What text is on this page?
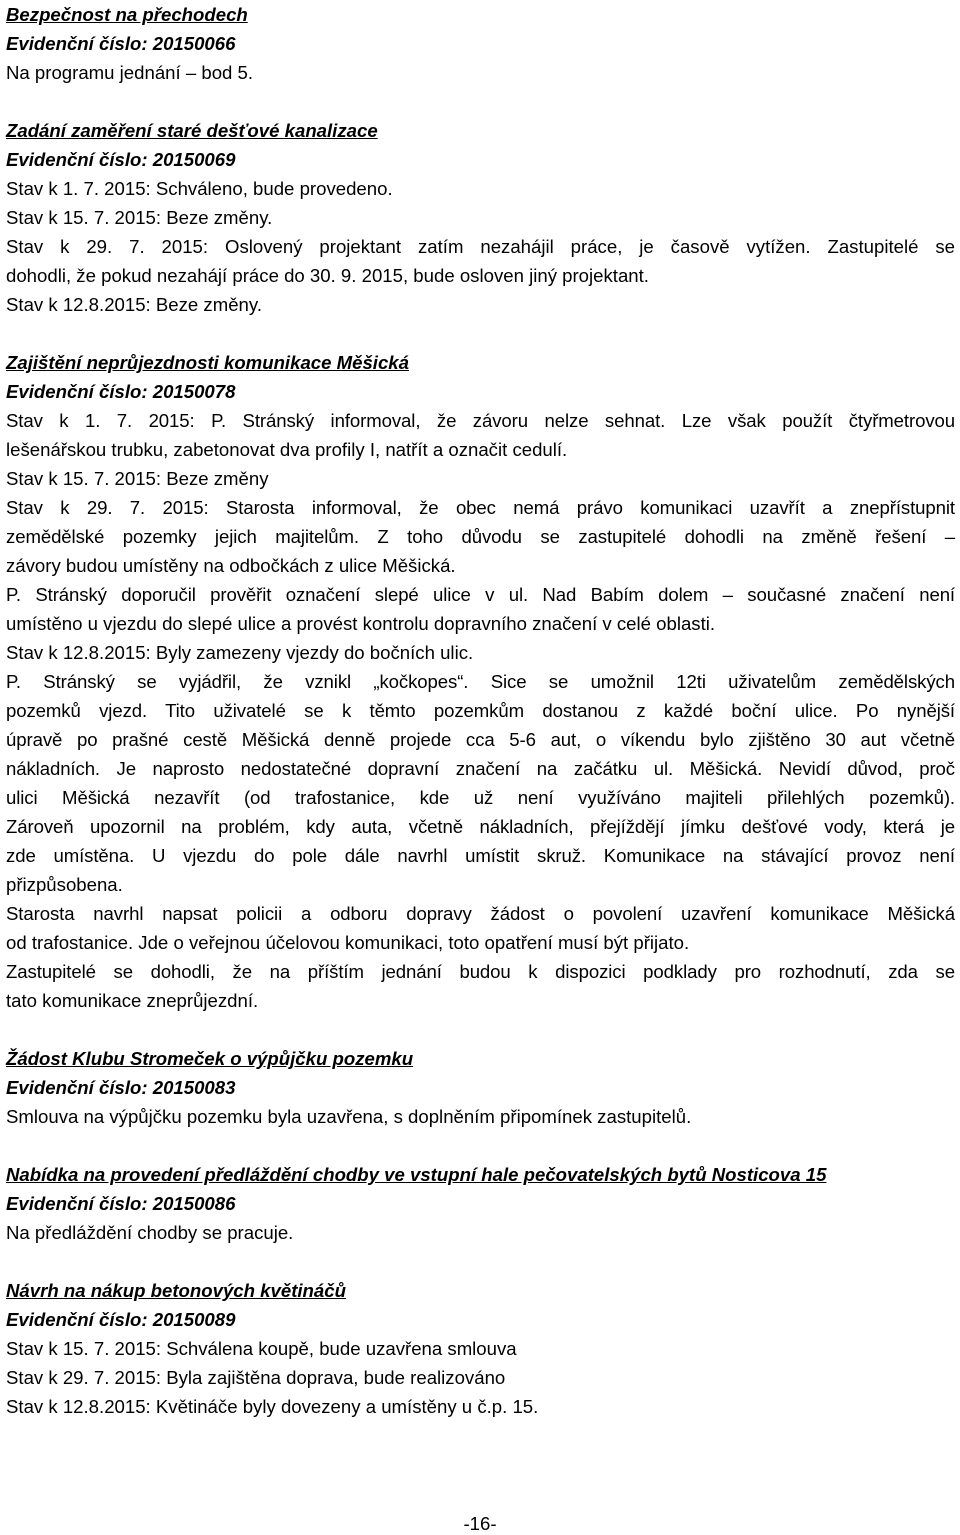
Bezpečnost na přechodech
Evidenční číslo: 20150066
Na programu jednání – bod 5.
Zadání zaměření staré dešťové kanalizace
Evidenční číslo: 20150069
Stav k 1. 7. 2015: Schváleno, bude provedeno.
Stav k 15. 7. 2015: Beze změny.
Stav k 29. 7. 2015: Oslovený projektant zatím nezahájil práce, je časově vytížen. Zastupitelé se
dohodli, že pokud nezahájí práce do 30. 9. 2015, bude osloven jiný projektant.
Stav k 12.8.2015: Beze změny.
Zajištění neprůjezdnosti komunikace Měšická
Evidenční číslo: 20150078
Stav k 1. 7. 2015: P. Stránský informoval, že závoru nelze sehnat. Lze však použít čtyřmetrovou
lešenářskou trubku, zabetonovat dva profily I, natřít a označit cedulí.
Stav k 15. 7. 2015: Beze změny
Stav k 29. 7. 2015: Starosta informoval, že obec nemá právo komunikaci uzavřít a znepřístupnit
zemědělské pozemky jejich majitelům. Z toho důvodu se zastupitelé dohodli na změně řešení –
závory budou umístěny na odbočkách z ulice Měšická.
P. Stránský doporučil prověřit označení slepé ulice v ul. Nad Babím dolem – současné značení není
umístěno u vjezdu do slepé ulice a provést kontrolu dopravního značení v celé oblasti.
Stav k 12.8.2015: Byly zamezeny vjezdy do bočních ulic.
P. Stránský se vyjádřil, že vznikl „kočkopes“. Sice se umožnil 12ti uživatelům zemědělských
pozemků vjezd. Tito uživatelé se k těmto pozemkům dostanou z každé boční ulice. Po nynější
úpravě po prašné cestě Měšická denně projede cca 5-6 aut, o víkendu bylo zjištěno 30 aut včetně
nákladních. Je naprosto nedostatečné dopravní značení na začátku ul. Měšická. Nevidí důvod, proč
ulici Měšická nezavřít (od trafostanice, kde už není využíváno majiteli přilehlých pozemků).
Zároveň upozornil na problém, kdy auta, včetně nákladních, přejíždějí jímku dešťové vody, která je
zde umístěna. U vjezdu do pole dále navrhl umístit skruž. Komunikace na stávající provoz není
přizpůsobena.
Starosta navrhl napsat policii a odboru dopravy žádost o povolení uzavření komunikace Měšická
od trafostanice. Jde o veřejnou účelovou komunikaci, toto opatření musí být přijato.
Zastupitelé se dohodli, že na příštím jednání budou k dispozici podklady pro rozhodnutí, zda se
tato komunikace zneprůjezdní.
Žádost Klubu Stromeček o výpůjčku pozemku
Evidenční číslo: 20150083
Smlouva na výpůjčku pozemku byla uzavřena, s doplněním připomínek zastupitelů.
Nabídka na provedení předláždění chodby ve vstupní hale pečovatelských bytů Nosticova 15
Evidenční číslo: 20150086
Na předláždění chodby se pracuje.
Návrh na nákup betonových květináčů
Evidenční číslo: 20150089
Stav k 15. 7. 2015: Schválena koupě, bude uzavřena smlouva
Stav k 29. 7. 2015: Byla zajištěna doprava, bude realizováno
Stav k 12.8.2015: Květináče byly dovezeny a umístěny u č.p. 15.
-16-
